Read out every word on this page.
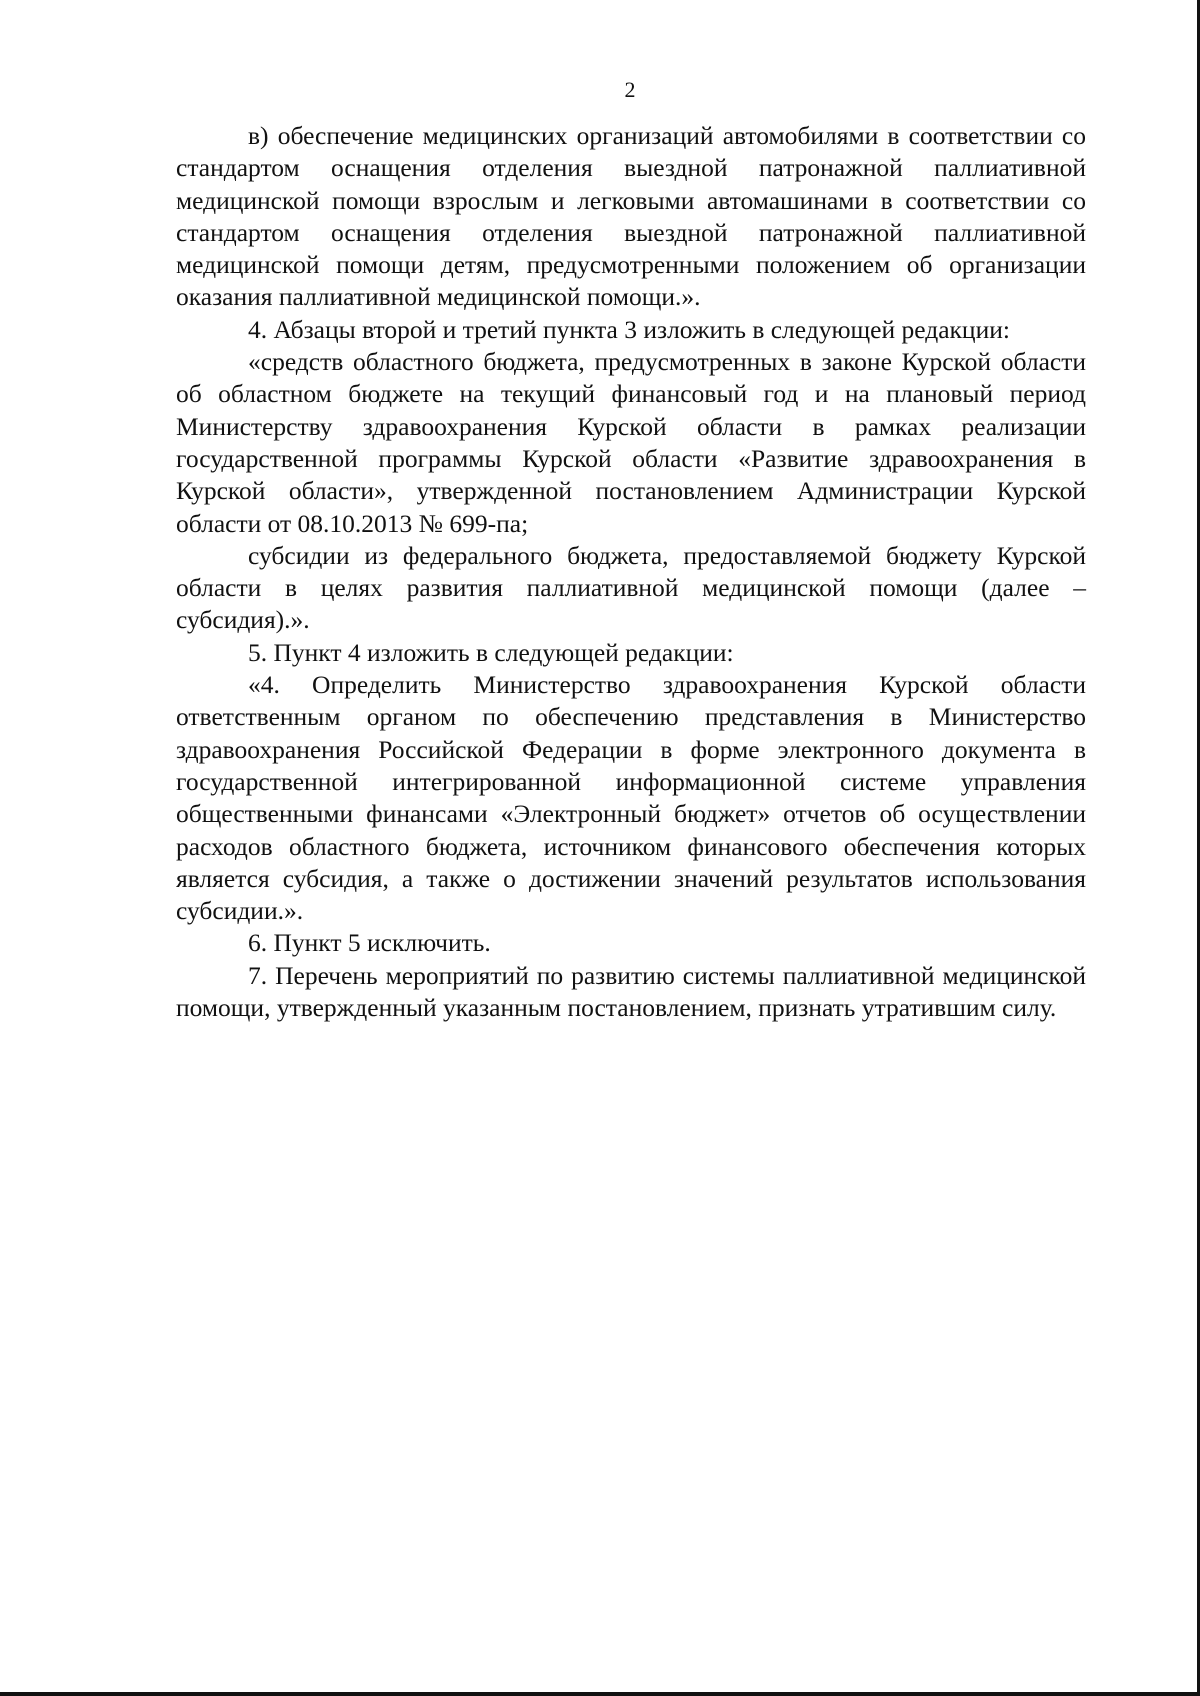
2

в) обеспечение медицинских организаций автомобилями в соответствии со стандартом оснащения отделения выездной патронажной паллиативной медицинской помощи взрослым и легковыми автомашинами в соответствии со стандартом оснащения отделения выездной патронажной паллиативной медицинской помощи детям, предусмотренными положением об организации оказания паллиативной медицинской помощи.».

4. Абзацы второй и третий пункта 3 изложить в следующей редакции:

«средств областного бюджета, предусмотренных в законе Курской области об областном бюджете на текущий финансовый год и на плановый период Министерству здравоохранения Курской области в рамках реализации государственной программы Курской области «Развитие здравоохранения в Курской области», утвержденной постановлением Администрации Курской области от 08.10.2013 № 699-па;

субсидии из федерального бюджета, предоставляемой бюджету Курской области в целях развития паллиативной медицинской помощи (далее – субсидия).».

5. Пункт 4 изложить в следующей редакции:

«4. Определить Министерство здравоохранения Курской области ответственным органом по обеспечению представления в Министерство здравоохранения Российской Федерации в форме электронного документа в государственной интегрированной информационной системе управления общественными финансами «Электронный бюджет» отчетов об осуществлении расходов областного бюджета, источником финансового обеспечения которых является субсидия, а также о достижении значений результатов использования субсидии.».

6. Пункт 5 исключить.

7. Перечень мероприятий по развитию системы паллиативной медицинской помощи, утвержденный указанным постановлением, признать утратившим силу.
